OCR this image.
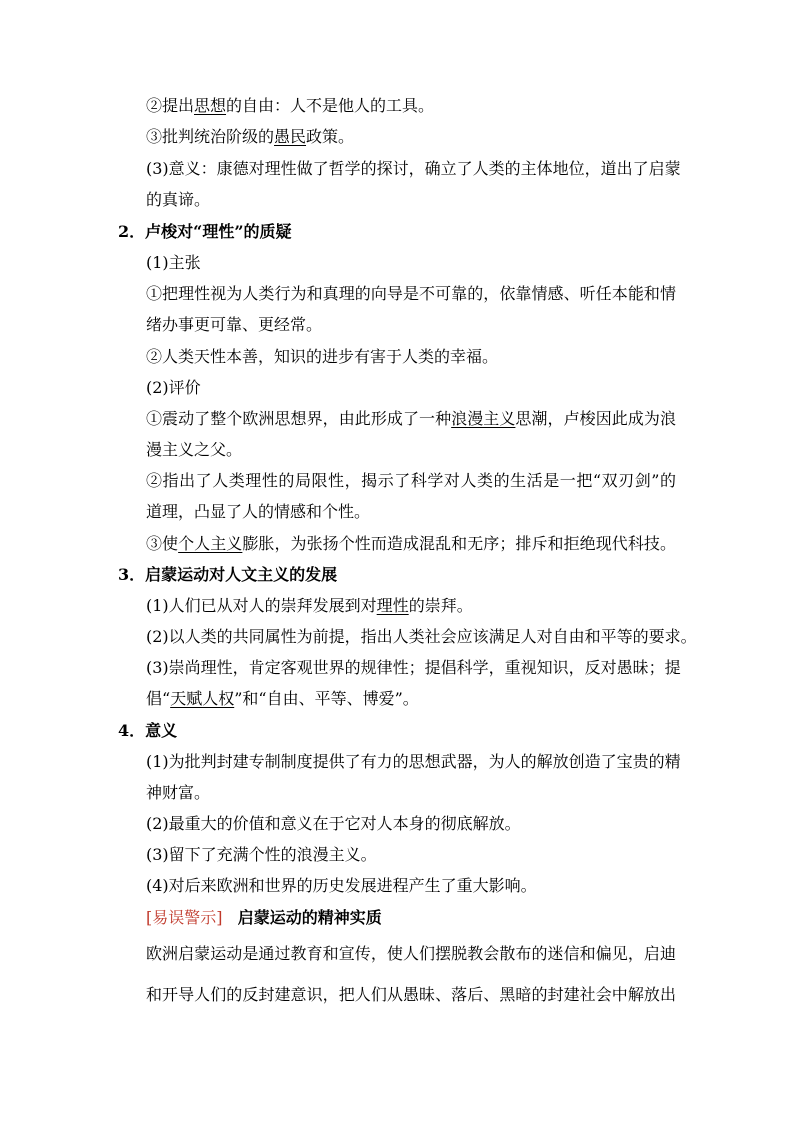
②提出思想的自由：人不是他人的工具。
③批判统治阶级的愚民政策。
(3)意义：康德对理性做了哲学的探讨，确立了人类的主体地位，道出了启蒙
的真谛。
2．卢梭对“理性”的质疑
(1)主张
①把理性视为人类行为和真理的向导是不可靠的，依靠情感、听任本能和情
绪办事更可靠、更经常。
②人类天性本善，知识的进步有害于人类的幸福。
(2)评价
①震动了整个欧洲思想界，由此形成了一种浪漫主义思潮，卢梭因此成为浪
漫主义之父。
②指出了人类理性的局限性，揭示了科学对人类的生活是一把“双刃剑”的
道理，凸显了人的情感和个性。
③使个人主义膨胀，为张扬个性而造成混乱和无序；排斥和拒绝现代科技。
3．启蒙运动对人文主义的发展
(1)人们已从对人的崇拜发展到对理性的崇拜。
(2)以人类的共同属性为前提，指出人类社会应该满足人对自由和平等的要求。
(3)崇尚理性，肯定客观世界的规律性；提倡科学，重视知识，反对愚昧；提
倡“天赋人权”和“自由、平等、博爱”。
4．意义
(1)为批判封建专制制度提供了有力的思想武器，为人的解放创造了宝贵的精
神财富。
(2)最重大的价值和意义在于它对人本身的彻底解放。
(3)留下了充满个性的浪漫主义。
(4)对后来欧洲和世界的历史发展进程产生了重大影响。
[易误警示] 启蒙运动的精神实质
欧洲启蒙运动是通过教育和宣传，使人们摆脱教会散布的迷信和偏见，启迪
和开导人们的反封建意识，把人们从愚昧、落后、黑暗的封建社会中解放出
